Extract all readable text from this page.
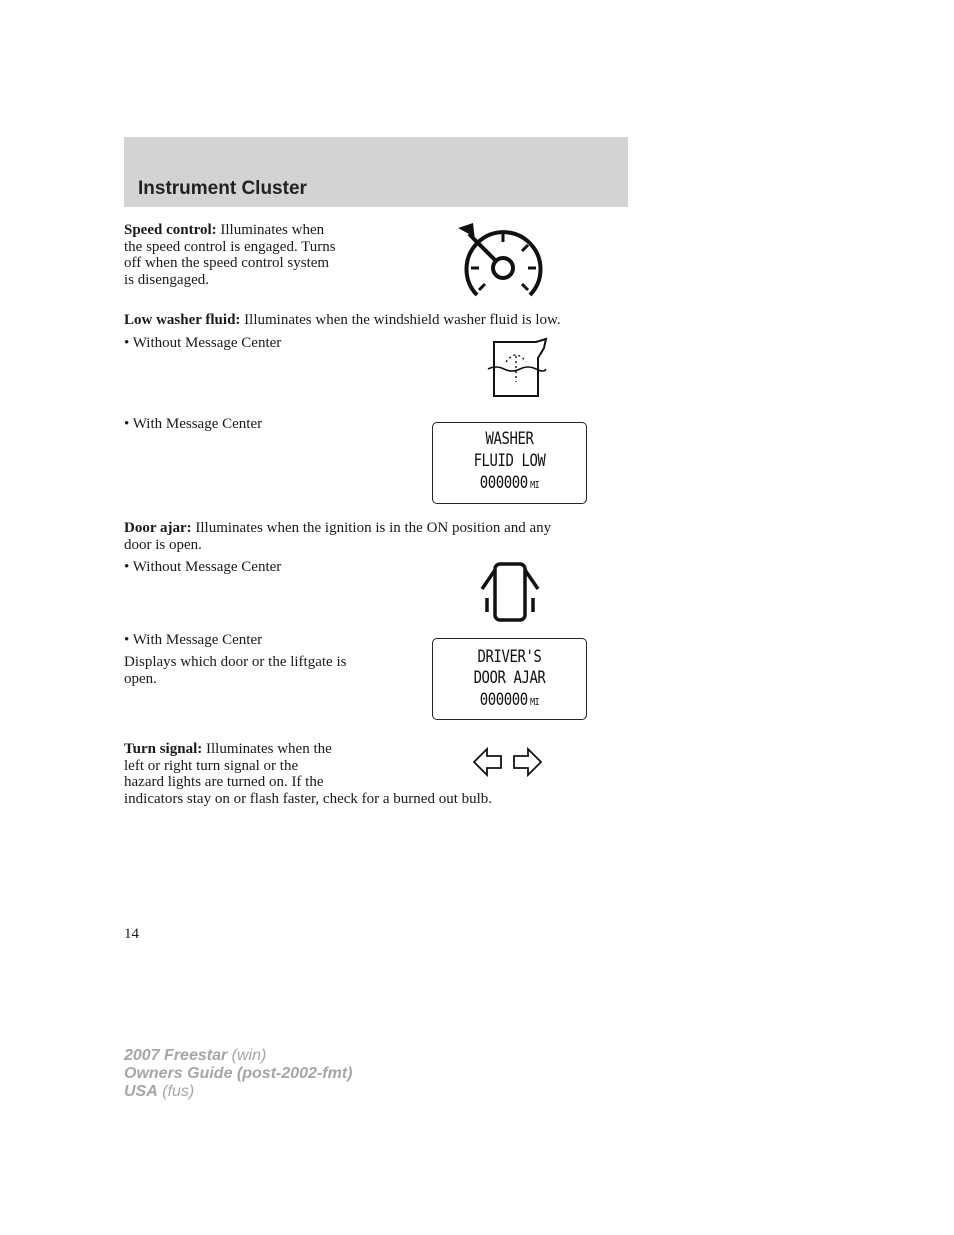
Instrument Cluster
Speed control: Illuminates when
the speed control is engaged. Turns
off when the speed control system
is disengaged.
Low washer fluid: Illuminates when the windshield washer fluid is low.
• Without Message Center
• With Message Center
WASHER
FLUID LOW
000000 MI
Door ajar: Illuminates when the ignition is in the ON position and any
door is open.
• Without Message Center
• With Message Center
Displays which door or the liftgate is
open.
DRIVER'S
DOOR AJAR
000000 MI
Turn signal: Illuminates when the
left or right turn signal or the
hazard lights are turned on. If the
indicators stay on or flash faster, check for a burned out bulb.
14
2007 Freestar (win)
Owners Guide (post-2002-fmt)
USA (fus)
